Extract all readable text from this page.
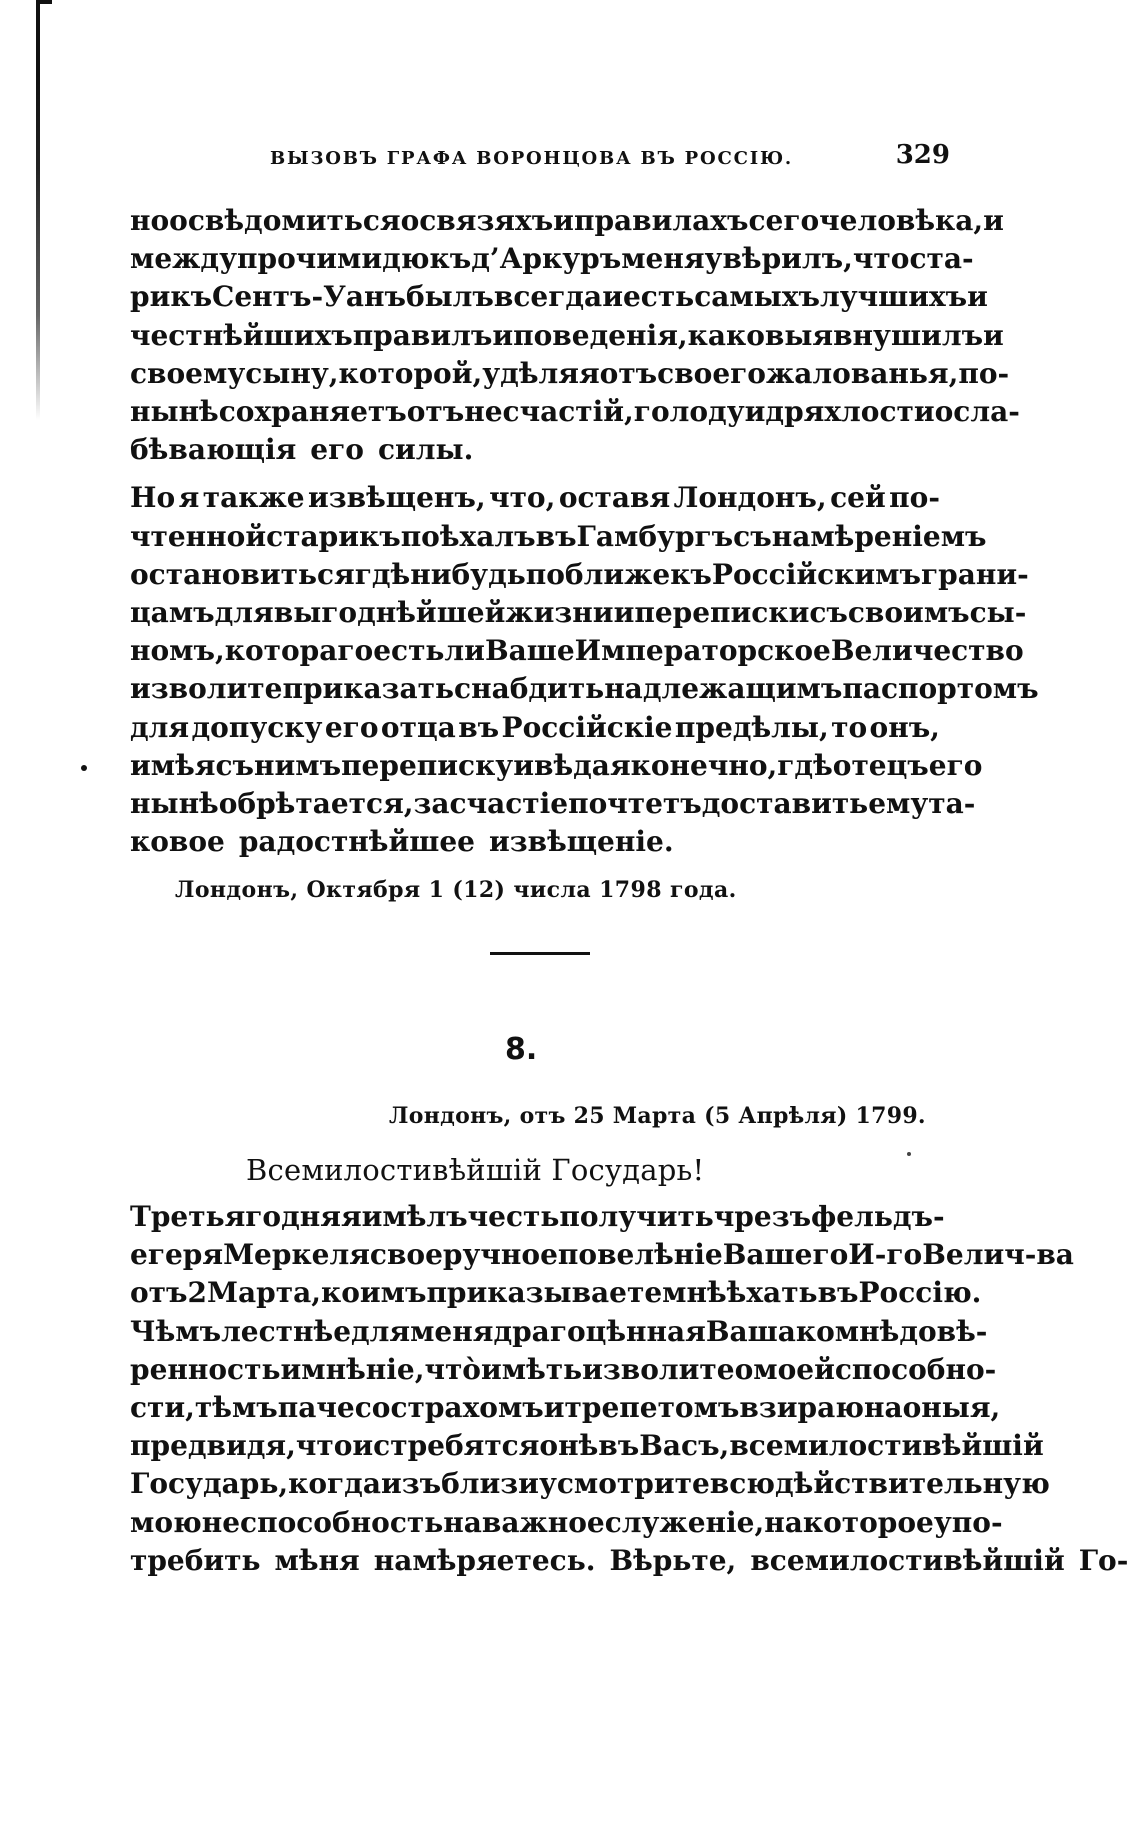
ВЫЗОВЪ ГРАФА ВОРОНЦОВА ВЪ РОССІЮ.	329
но освѣдомиться о связяхъ и правилахъ сего человѣка, и
между прочими дюкъ д’Аркуръ меня увѣрилъ, что ста-
рикъ Сентъ-Уанъ былъ всегда и есть самыхъ лучшихъ и
честнѣйшихъ правилъ и поведенія, каковыя внушилъ и
своему сыну, которой, удѣляя отъ своего жалованья, по-
нынѣ сохраняетъ отъ несчастій, голоду и дряхлости осла-
бѣвающія его силы.
Но я также извѣщенъ, что, оставя Лондонъ, сей по-
чтенной старикъ поѣхалъ въ Гамбургъ съ намѣреніемъ
остановиться гдѣ нибудь поближе къ Россійскимъ грани-
цамъ для выгоднѣйшей жизни и переписки съ своимъ сы-
номъ, котораго естьли Ваше Императорское Величество
изволите приказать снабдить надлежащимъ паспортомъ
для допуску его отца въ Россійскіе предѣлы, то онъ,
имѣя съ нимъ переписку и вѣдая конечно, гдѣ отецъ его
нынѣ обрѣтается, за счастіе почтетъ доставить ему та-
ковое радостнѣйшее извѣщеніе.
Лондонъ, Октября 1 (12) числа 1798 года.
8.
Лондонъ, отъ 25 Марта (5 Апрѣля) 1799.
Всемилостивѣйшій Государь!
Третьяго дня я имѣлъ честь получить чрезъ фельдъ-
егеря Меркеля своеручное повелѣніе Вашего И-го Велич-ва
отъ 2 Марта, коимъ приказываете мнѣ ѣхать въ Россію.
Чѣмъ лестнѣе для меня драгоцѣнная Ваша ко мнѣ довѣ-
ренность и мнѣніе, чтò имѣть изволите о моей способно-
сти, тѣмъ паче со страхомъ и трепетомъ взираю на оныя,
предвидя, что истребятся онѣ въ Васъ, всемилостивѣйшій
Государь, когда изъ близи усмотрите всю дѣйствительную
мою неспособность на важное служеніе, на которое упо-
требить мѣня намѣряетесь. Вѣрьте, всемилостивѣйшій Го-
